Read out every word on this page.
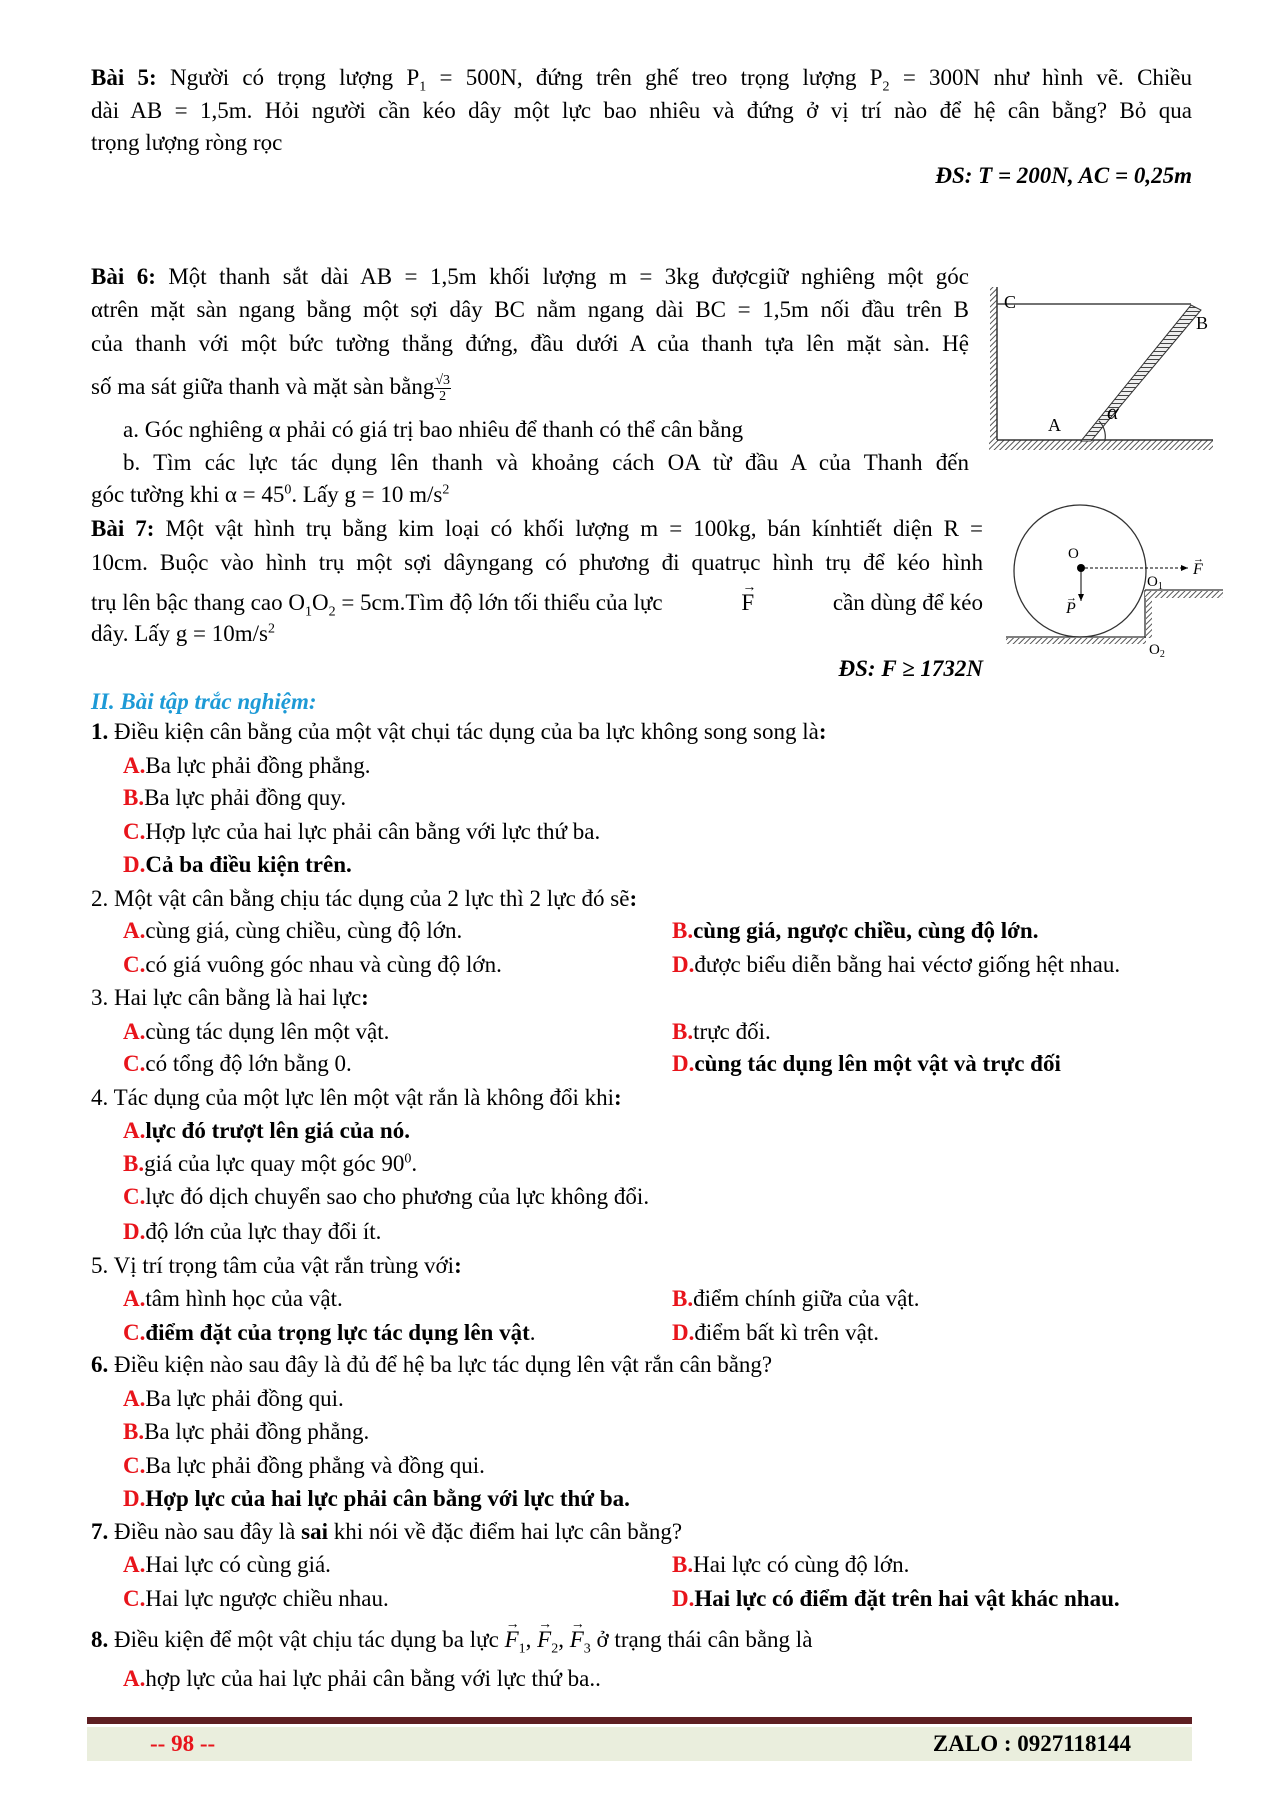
Bài 5: Người có trọng lượng $P_1 = 500N$, đứng trên ghế treo trọng lượng $P_2 = 300N$ như hình vẽ. Chiều
dài AB = 1,5m. Hỏi người cần kéo dây một lực bao nhiêu và đứng ở vị trí nào để hệ cân bằng? Bỏ qua
trọng lượng ròng rọc
ĐS: T = 200N, AC = 0,25m
Bài 6: Một thanh sắt dài AB = 1,5m khối lượng m = 3kg đượcgiữ nghiêng một góc
αtrên mặt sàn ngang bằng một sợi dây BC nằm ngang dài BC = 1,5m nối đầu trên B
của thanh với một bức tường thẳng đứng, đầu dưới A của thanh tựa lên mặt sàn. Hệ
số ma sát giữa thanh và mặt sàn bằng $\frac{√3}{2}$
a. Góc nghiêng α phải có giá trị bao nhiêu để thanh có thể cân bằng
b. Tìm các lực tác dụng lên thanh và khoảng cách OA từ đầu A của Thanh đến
góc tường khi $\alpha = 45^0$. Lấy g = 10 $m/s^2$
C
B
A
α
Bài 7: Một vật hình trụ bằng kim loại có khối lượng m = 100kg, bán kínhtiết diện R =
10cm. Buộc vào hình trụ một sợi dâyngang có phương đi quatrục hình trụ để kéo hình
trụ lên bậc thang cao $O_1O_2$ = 5cm.Tìm độ lớn tối thiểu của lực	→ F	cần dùng để kéo
dây. Lấy $g = 10m/s^2$
ĐS: F ≥ 1732N
O
F
→
P
→
$O_1$
$O_2$
II. Bài tập trắc nghiệm:
1. Điều kiện cân bằng của một vật chụi tác dụng của ba lực không song song là:
A.Ba lực phải đồng phẳng.
B.Ba lực phải đồng quy.
C.Hợp lực của hai lực phải cân bằng với lực thứ ba.
D.Cả ba điều kiện trên.
2. Một vật cân bằng chịu tác dụng của 2 lực thì 2 lực đó sẽ:
A.cùng giá, cùng chiều, cùng độ lớn.	B.cùng giá, ngược chiều, cùng độ lớn.
C.có giá vuông góc nhau và cùng độ lớn.	D.được biểu diễn bằng hai véctơ giống hệt nhau.
3. Hai lực cân bằng là hai lực:
A.cùng tác dụng lên một vật.	B.trực đối.
C.có tổng độ lớn bằng 0.	D.cùng tác dụng lên một vật và trực đối
4. Tác dụng của một lực lên một vật rắn là không đổi khi:
A.lực đó trượt lên giá của nó.
B.giá của lực quay một góc $90^0$.
C.lực đó dịch chuyển sao cho phương của lực không đổi.
D.độ lớn của lực thay đổi ít.
5. Vị trí trọng tâm của vật rắn trùng với:
A.tâm hình học của vật.	B.điểm chính giữa của vật.
C.điểm đặt của trọng lực tác dụng lên vật.	D.điểm bất kì trên vật.
6. Điều kiện nào sau đây là đủ để hệ ba lực tác dụng lên vật rắn cân bằng?
A.Ba lực phải đồng qui.
B.Ba lực phải đồng phẳng.
C.Ba lực phải đồng phẳng và đồng qui.
D.Hợp lực của hai lực phải cân bằng với lực thứ ba.
7. Điều nào sau đây là sai khi nói về đặc điểm hai lực cân bằng?
A.Hai lực có cùng giá.	B.Hai lực có cùng độ lớn.
C.Hai lực ngược chiều nhau.	D.Hai lực có điểm đặt trên hai vật khác nhau.
8. Điều kiện để một vật chịu tác dụng ba lực → $F_1$, → $F_2$, → $F_3$ ở trạng thái cân bằng là
A.hợp lực của hai lực phải cân bằng với lực thứ ba..
-- 98 --	ZALO : 0927118144
